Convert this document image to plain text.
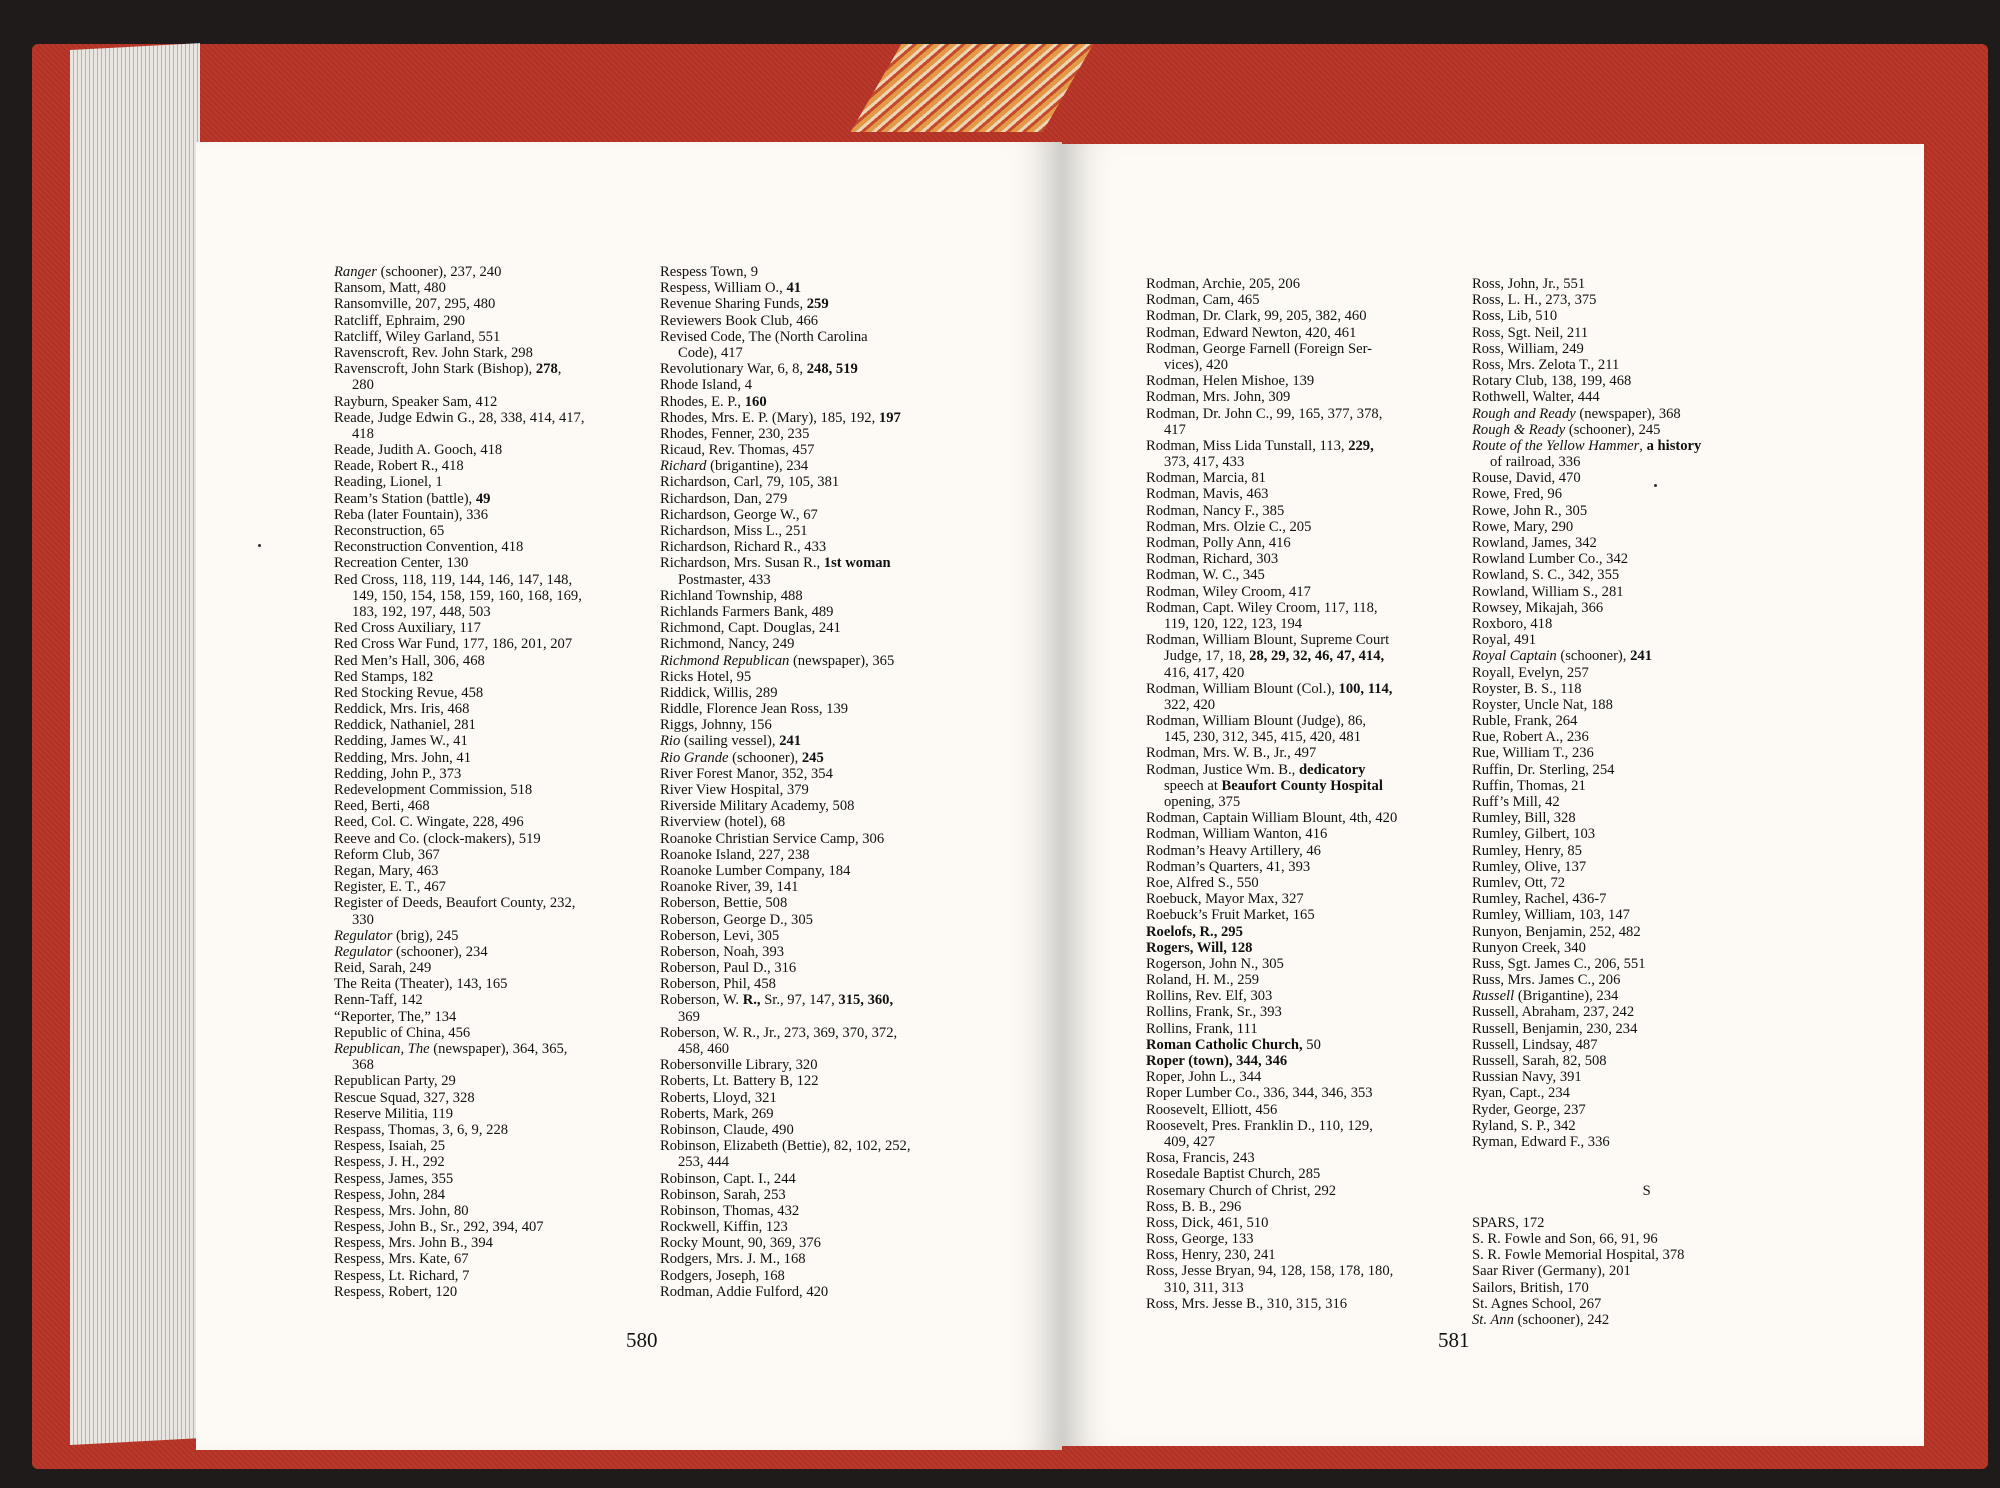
Ranger (schooner), 237, 240
Ransom, Matt, 480
Ransomville, 207, 295, 480
Ratcliff, Ephraim, 290
Ratcliff, Wiley Garland, 551
Ravenscroft, Rev. John Stark, 298
Ravenscroft, John Stark (Bishop), 278,
280
Rayburn, Speaker Sam, 412
Reade, Judge Edwin G., 28, 338, 414, 417,
418
Reade, Judith A. Gooch, 418
Reade, Robert R., 418
Reading, Lionel, 1
Ream’s Station (battle), 49
Reba (later Fountain), 336
Reconstruction, 65
Reconstruction Convention, 418
Recreation Center, 130
Red Cross, 118, 119, 144, 146, 147, 148,
149, 150, 154, 158, 159, 160, 168, 169,
183, 192, 197, 448, 503
Red Cross Auxiliary, 117
Red Cross War Fund, 177, 186, 201, 207
Red Men’s Hall, 306, 468
Red Stamps, 182
Red Stocking Revue, 458
Reddick, Mrs. Iris, 468
Reddick, Nathaniel, 281
Redding, James W., 41
Redding, Mrs. John, 41
Redding, John P., 373
Redevelopment Commission, 518
Reed, Berti, 468
Reed, Col. C. Wingate, 228, 496
Reeve and Co. (clock-makers), 519
Reform Club, 367
Regan, Mary, 463
Register, E. T., 467
Register of Deeds, Beaufort County, 232,
330
Regulator (brig), 245
Regulator (schooner), 234
Reid, Sarah, 249
The Reita (Theater), 143, 165
Renn-Taff, 142
“Reporter, The,” 134
Republic of China, 456
Republican, The (newspaper), 364, 365,
368
Republican Party, 29
Rescue Squad, 327, 328
Reserve Militia, 119
Respass, Thomas, 3, 6, 9, 228
Respess, Isaiah, 25
Respess, J. H., 292
Respess, James, 355
Respess, John, 284
Respess, Mrs. John, 80
Respess, John B., Sr., 292, 394, 407
Respess, Mrs. John B., 394
Respess, Mrs. Kate, 67
Respess, Lt. Richard, 7
Respess, Robert, 120
Respess Town, 9
Respess, William O., 41
Revenue Sharing Funds, 259
Reviewers Book Club, 466
Revised Code, The (North Carolina
Code), 417
Revolutionary War, 6, 8, 248, 519
Rhode Island, 4
Rhodes, E. P., 160
Rhodes, Mrs. E. P. (Mary), 185, 192, 197
Rhodes, Fenner, 230, 235
Ricaud, Rev. Thomas, 457
Richard (brigantine), 234
Richardson, Carl, 79, 105, 381
Richardson, Dan, 279
Richardson, George W., 67
Richardson, Miss L., 251
Richardson, Richard R., 433
Richardson, Mrs. Susan R., 1st woman
Postmaster, 433
Richland Township, 488
Richlands Farmers Bank, 489
Richmond, Capt. Douglas, 241
Richmond, Nancy, 249
Richmond Republican (newspaper), 365
Ricks Hotel, 95
Riddick, Willis, 289
Riddle, Florence Jean Ross, 139
Riggs, Johnny, 156
Rio (sailing vessel), 241
Rio Grande (schooner), 245
River Forest Manor, 352, 354
River View Hospital, 379
Riverside Military Academy, 508
Riverview (hotel), 68
Roanoke Christian Service Camp, 306
Roanoke Island, 227, 238
Roanoke Lumber Company, 184
Roanoke River, 39, 141
Roberson, Bettie, 508
Roberson, George D., 305
Roberson, Levi, 305
Roberson, Noah, 393
Roberson, Paul D., 316
Roberson, Phil, 458
Roberson, W. R., Sr., 97, 147, 315, 360,
369
Roberson, W. R., Jr., 273, 369, 370, 372,
458, 460
Robersonville Library, 320
Roberts, Lt. Battery B, 122
Roberts, Lloyd, 321
Roberts, Mark, 269
Robinson, Claude, 490
Robinson, Elizabeth (Bettie), 82, 102, 252,
253, 444
Robinson, Capt. I., 244
Robinson, Sarah, 253
Robinson, Thomas, 432
Rockwell, Kiffin, 123
Rocky Mount, 90, 369, 376
Rodgers, Mrs. J. M., 168
Rodgers, Joseph, 168
Rodman, Addie Fulford, 420
580
Rodman, Archie, 205, 206
Rodman, Cam, 465
Rodman, Dr. Clark, 99, 205, 382, 460
Rodman, Edward Newton, 420, 461
Rodman, George Farnell (Foreign Ser-
vices), 420
Rodman, Helen Mishoe, 139
Rodman, Mrs. John, 309
Rodman, Dr. John C., 99, 165, 377, 378,
417
Rodman, Miss Lida Tunstall, 113, 229,
373, 417, 433
Rodman, Marcia, 81
Rodman, Mavis, 463
Rodman, Nancy F., 385
Rodman, Mrs. Olzie C., 205
Rodman, Polly Ann, 416
Rodman, Richard, 303
Rodman, W. C., 345
Rodman, Wiley Croom, 417
Rodman, Capt. Wiley Croom, 117, 118,
119, 120, 122, 123, 194
Rodman, William Blount, Supreme Court
Judge, 17, 18, 28, 29, 32, 46, 47, 414,
416, 417, 420
Rodman, William Blount (Col.), 100, 114,
322, 420
Rodman, William Blount (Judge), 86,
145, 230, 312, 345, 415, 420, 481
Rodman, Mrs. W. B., Jr., 497
Rodman, Justice Wm. B., dedicatory
speech at Beaufort County Hospital
opening, 375
Rodman, Captain William Blount, 4th, 420
Rodman, William Wanton, 416
Rodman’s Heavy Artillery, 46
Rodman’s Quarters, 41, 393
Roe, Alfred S., 550
Roebuck, Mayor Max, 327
Roebuck’s Fruit Market, 165
Roelofs, R., 295
Rogers, Will, 128
Rogerson, John N., 305
Roland, H. M., 259
Rollins, Rev. Elf, 303
Rollins, Frank, Sr., 393
Rollins, Frank, 111
Roman Catholic Church, 50
Roper (town), 344, 346
Roper, John L., 344
Roper Lumber Co., 336, 344, 346, 353
Roosevelt, Elliott, 456
Roosevelt, Pres. Franklin D., 110, 129,
409, 427
Rosa, Francis, 243
Rosedale Baptist Church, 285
Rosemary Church of Christ, 292
Ross, B. B., 296
Ross, Dick, 461, 510
Ross, George, 133
Ross, Henry, 230, 241
Ross, Jesse Bryan, 94, 128, 158, 178, 180,
310, 311, 313
Ross, Mrs. Jesse B., 310, 315, 316
Ross, John, Jr., 551
Ross, L. H., 273, 375
Ross, Lib, 510
Ross, Sgt. Neil, 211
Ross, William, 249
Ross, Mrs. Zelota T., 211
Rotary Club, 138, 199, 468
Rothwell, Walter, 444
Rough and Ready (newspaper), 368
Rough & Ready (schooner), 245
Route of the Yellow Hammer, a history
of railroad, 336
Rouse, David, 470
Rowe, Fred, 96
Rowe, John R., 305
Rowe, Mary, 290
Rowland, James, 342
Rowland Lumber Co., 342
Rowland, S. C., 342, 355
Rowland, William S., 281
Rowsey, Mikajah, 366
Roxboro, 418
Royal, 491
Royal Captain (schooner), 241
Royall, Evelyn, 257
Royster, B. S., 118
Royster, Uncle Nat, 188
Ruble, Frank, 264
Rue, Robert A., 236
Rue, William T., 236
Ruffin, Dr. Sterling, 254
Ruffin, Thomas, 21
Ruff’s Mill, 42
Rumley, Bill, 328
Rumley, Gilbert, 103
Rumley, Henry, 85
Rumley, Olive, 137
Rumlev, Ott, 72
Rumley, Rachel, 436-7
Rumley, William, 103, 147
Runyon, Benjamin, 252, 482
Runyon Creek, 340
Russ, Sgt. James C., 206, 551
Russ, Mrs. James C., 206
Russell (Brigantine), 234
Russell, Abraham, 237, 242
Russell, Benjamin, 230, 234
Russell, Lindsay, 487
Russell, Sarah, 82, 508
Russian Navy, 391
Ryan, Capt., 234
Ryder, George, 237
Ryland, S. P., 342
Ryman, Edward F., 336
S
SPARS, 172
S. R. Fowle and Son, 66, 91, 96
S. R. Fowle Memorial Hospital, 378
Saar River (Germany), 201
Sailors, British, 170
St. Agnes School, 267
St. Ann (schooner), 242
581
